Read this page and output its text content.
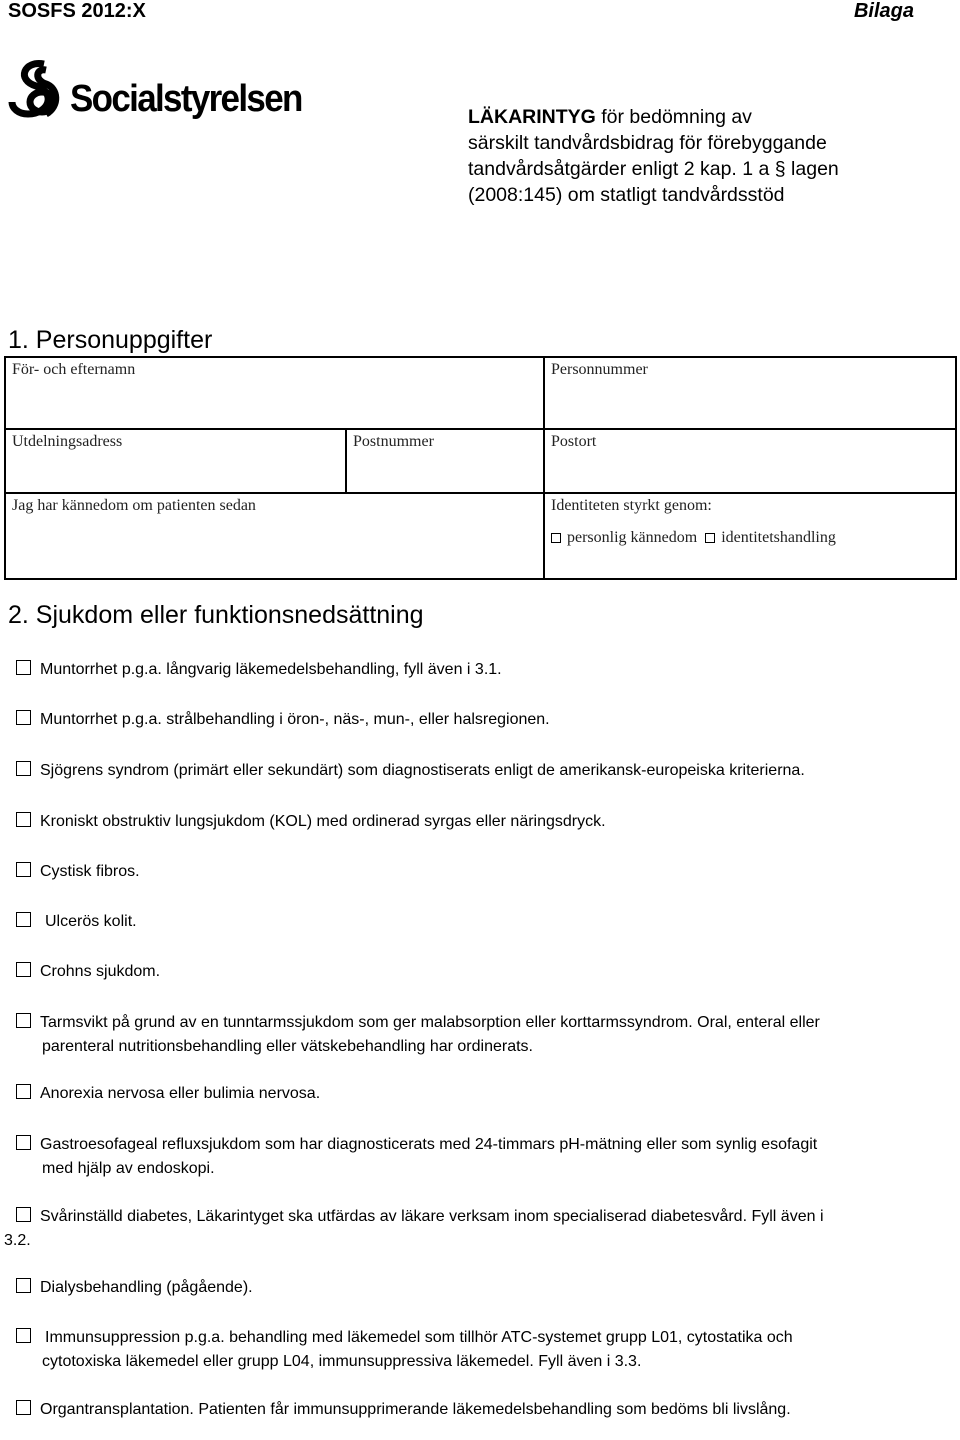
SOSFS 2012:X	Bilaga
Socialstyrelsen	LÄKARINTYG för bedömning av
särskilt tandvårdsbidrag för förebyggande
tandvårdsåtgärder enligt 2 kap. 1 a § lagen
(2008:145) om statligt tandvårdsstöd
1. Personuppgifter
För- och efternamn		Personnummer

Utdelningsadress	Postnummer	Postort

Jag har kännedom om patienten sedan		Identiteten styrkt genom:
personlig kännedom identitetshandling
2. Sjukdom eller funktionsnedsättning
Muntorrhet p.g.a. långvarig läkemedelsbehandling, fyll även i 3.1.
Muntorrhet p.g.a. strålbehandling i öron-, näs-, mun-, eller halsregionen.
Sjögrens syndrom (primärt eller sekundärt) som diagnostiserats enligt de amerikansk-europeiska kriterierna.
Kroniskt obstruktiv lungsjukdom (KOL) med ordinerad syrgas eller näringsdryck.
Cystisk fibros.
Ulcerös kolit.
Crohns sjukdom.
Tarmsvikt på grund av en tunntarmssjukdom som ger malabsorption eller korttarmssyndrom. Oral, enteral eller
parenteral nutritionsbehandling eller vätskebehandling har ordinerats.
Anorexia nervosa eller bulimia nervosa.
Gastroesofageal refluxsjukdom som har diagnosticerats med 24-timmars pH-mätning eller som synlig esofagit
med hjälp av endoskopi.
Svårinställd diabetes, Läkarintyget ska utfärdas av läkare verksam inom specialiserad diabetesvård. Fyll även i
3.2.
Dialysbehandling (pågående).
Immunsuppression p.g.a. behandling med läkemedel som tillhör ATC-systemet grupp L01, cytostatika och
cytotoxiska läkemedel eller grupp L04, immunsuppressiva läkemedel. Fyll även i 3.3.
Organtransplantation. Patienten får immunsupprimerande läkemedelsbehandling som bedöms bli livslång.
